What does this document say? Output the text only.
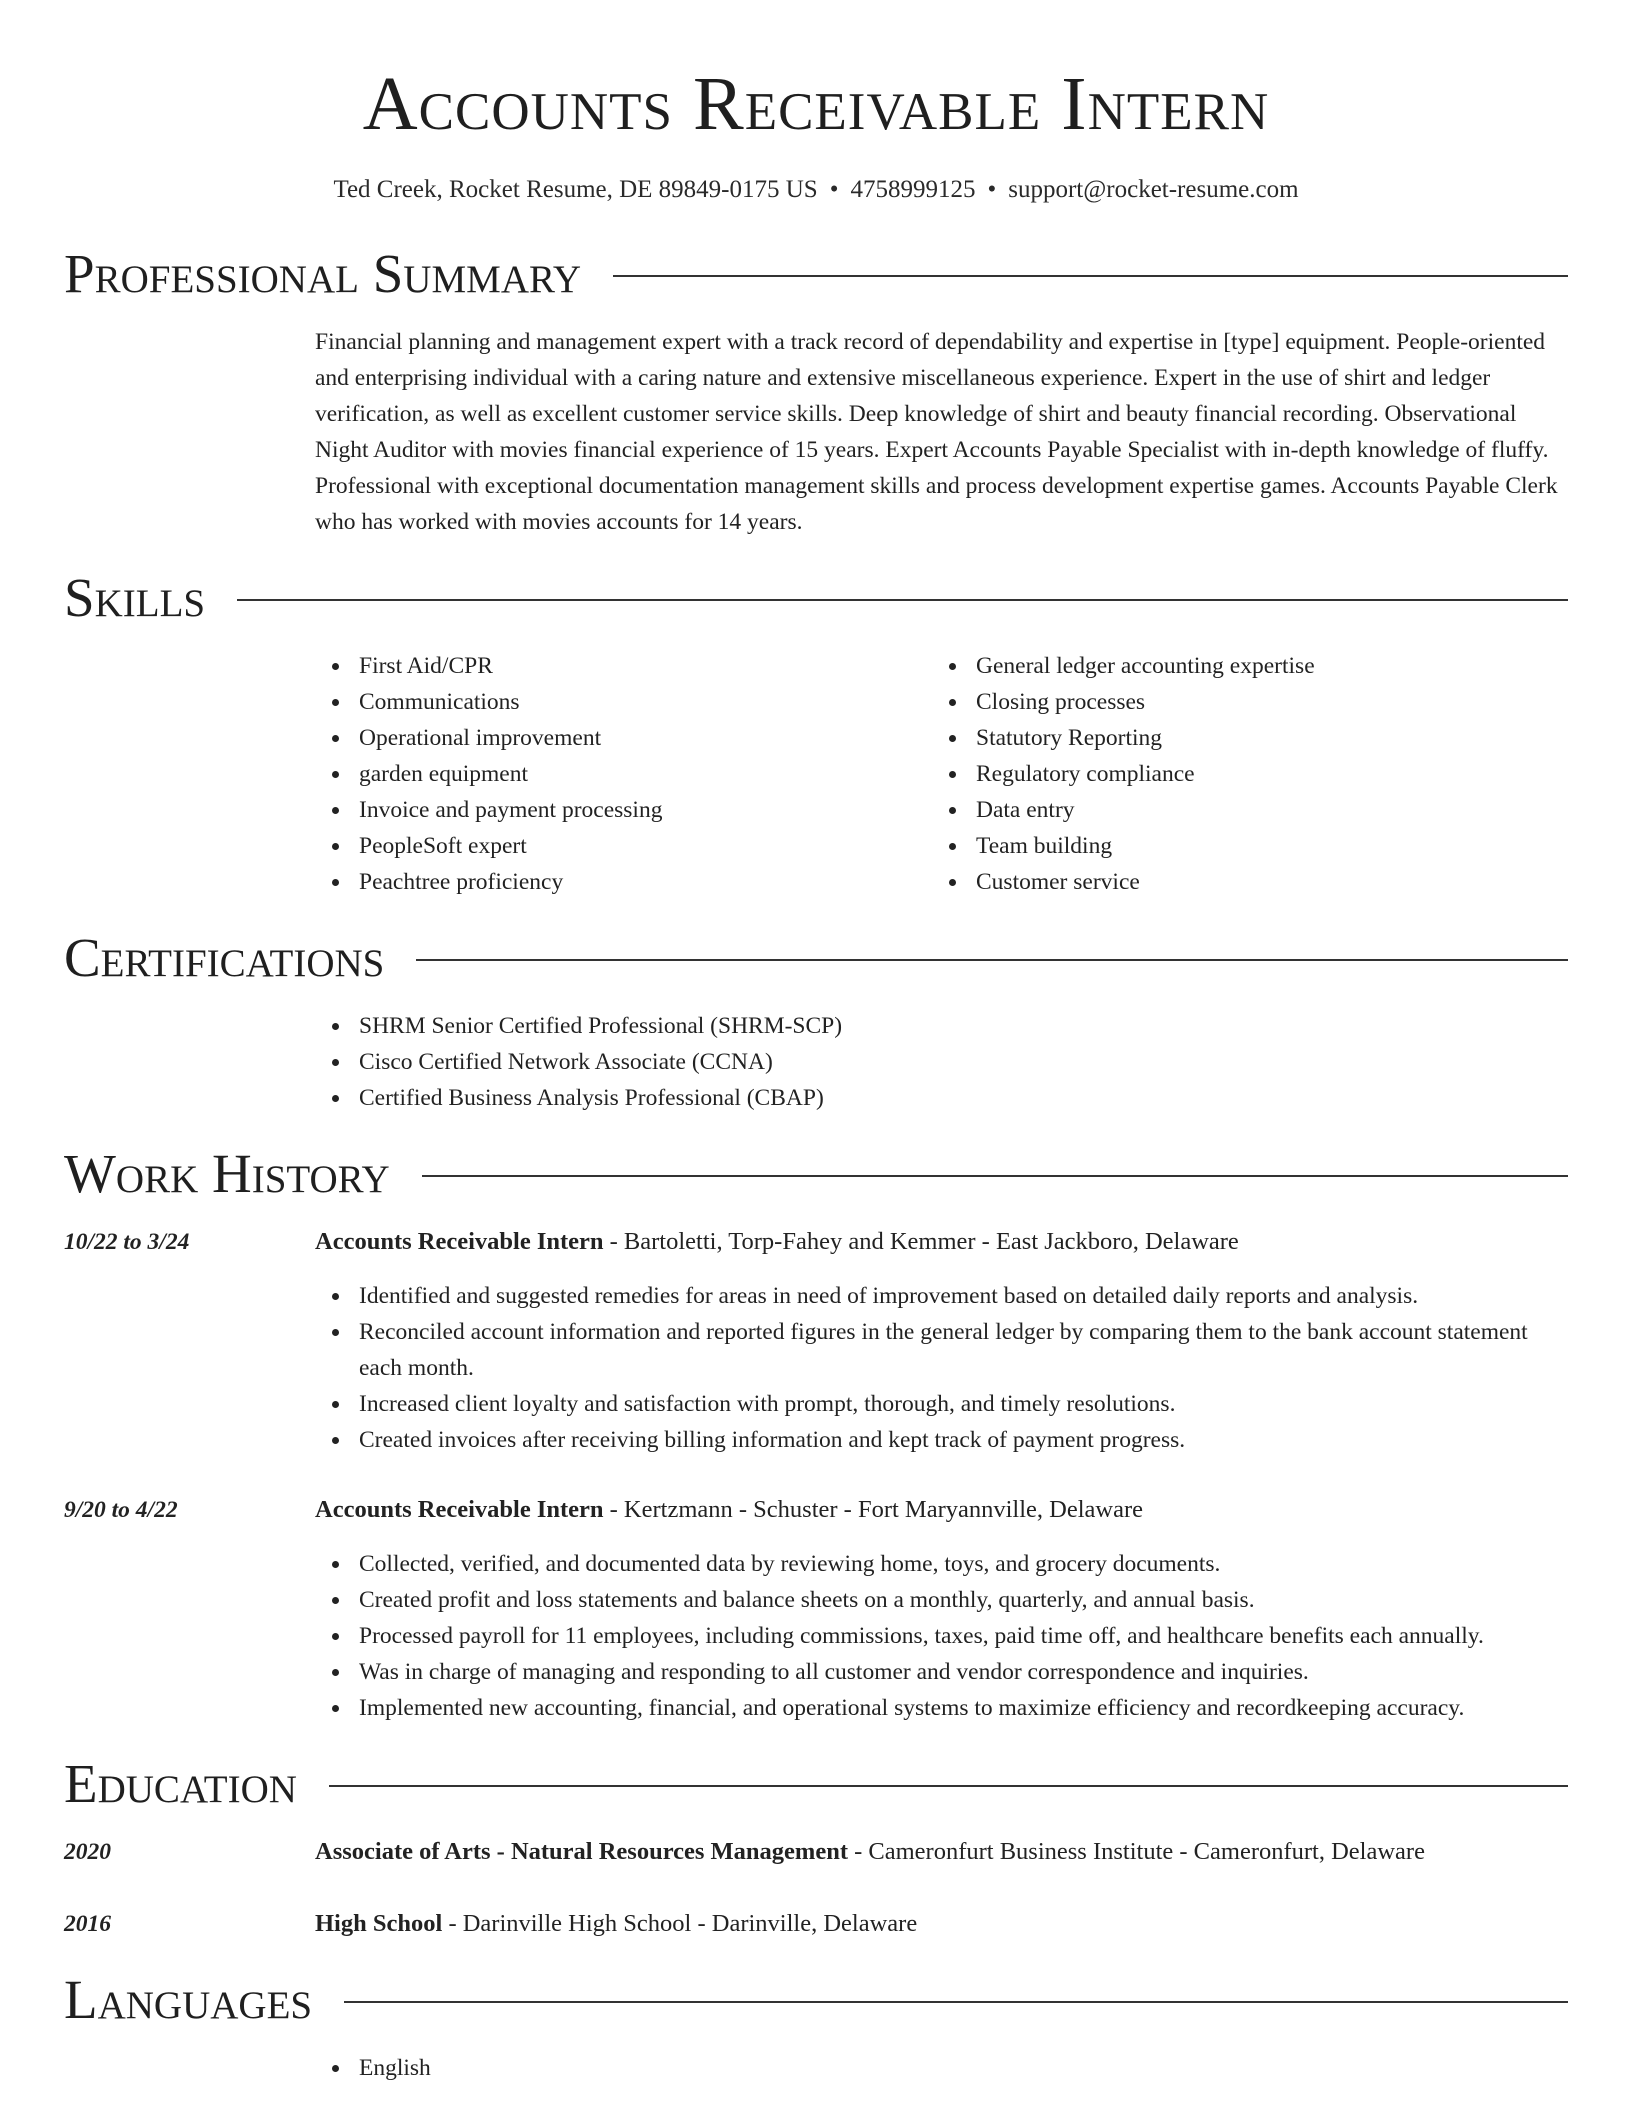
Accounts Receivable Intern
Ted Creek, Rocket Resume, DE 89849-0175 US • 4758999125 • support@rocket-resume.com
Professional Summary
Financial planning and management expert with a track record of dependability and expertise in [type] equipment. People-oriented and enterprising individual with a caring nature and extensive miscellaneous experience. Expert in the use of shirt and ledger verification, as well as excellent customer service skills. Deep knowledge of shirt and beauty financial recording. Observational Night Auditor with movies financial experience of 15 years. Expert Accounts Payable Specialist with in-depth knowledge of fluffy. Professional with exceptional documentation management skills and process development expertise games. Accounts Payable Clerk who has worked with movies accounts for 14 years.
Skills
First Aid/CPR
Communications
Operational improvement
garden equipment
Invoice and payment processing
PeopleSoft expert
Peachtree proficiency
General ledger accounting expertise
Closing processes
Statutory Reporting
Regulatory compliance
Data entry
Team building
Customer service
Certifications
SHRM Senior Certified Professional (SHRM-SCP)
Cisco Certified Network Associate (CCNA)
Certified Business Analysis Professional (CBAP)
Work History
10/22 to 3/24	Accounts Receivable Intern - Bartoletti, Torp-Fahey and Kemmer - East Jackboro, Delaware
Identified and suggested remedies for areas in need of improvement based on detailed daily reports and analysis.
Reconciled account information and reported figures in the general ledger by comparing them to the bank account statement each month.
Increased client loyalty and satisfaction with prompt, thorough, and timely resolutions.
Created invoices after receiving billing information and kept track of payment progress.
9/20 to 4/22	Accounts Receivable Intern - Kertzmann - Schuster - Fort Maryannville, Delaware
Collected, verified, and documented data by reviewing home, toys, and grocery documents.
Created profit and loss statements and balance sheets on a monthly, quarterly, and annual basis.
Processed payroll for 11 employees, including commissions, taxes, paid time off, and healthcare benefits each annually.
Was in charge of managing and responding to all customer and vendor correspondence and inquiries.
Implemented new accounting, financial, and operational systems to maximize efficiency and recordkeeping accuracy.
Education
2020	Associate of Arts - Natural Resources Management - Cameronfurt Business Institute - Cameronfurt, Delaware
2016	High School - Darinville High School - Darinville, Delaware
Languages
English
